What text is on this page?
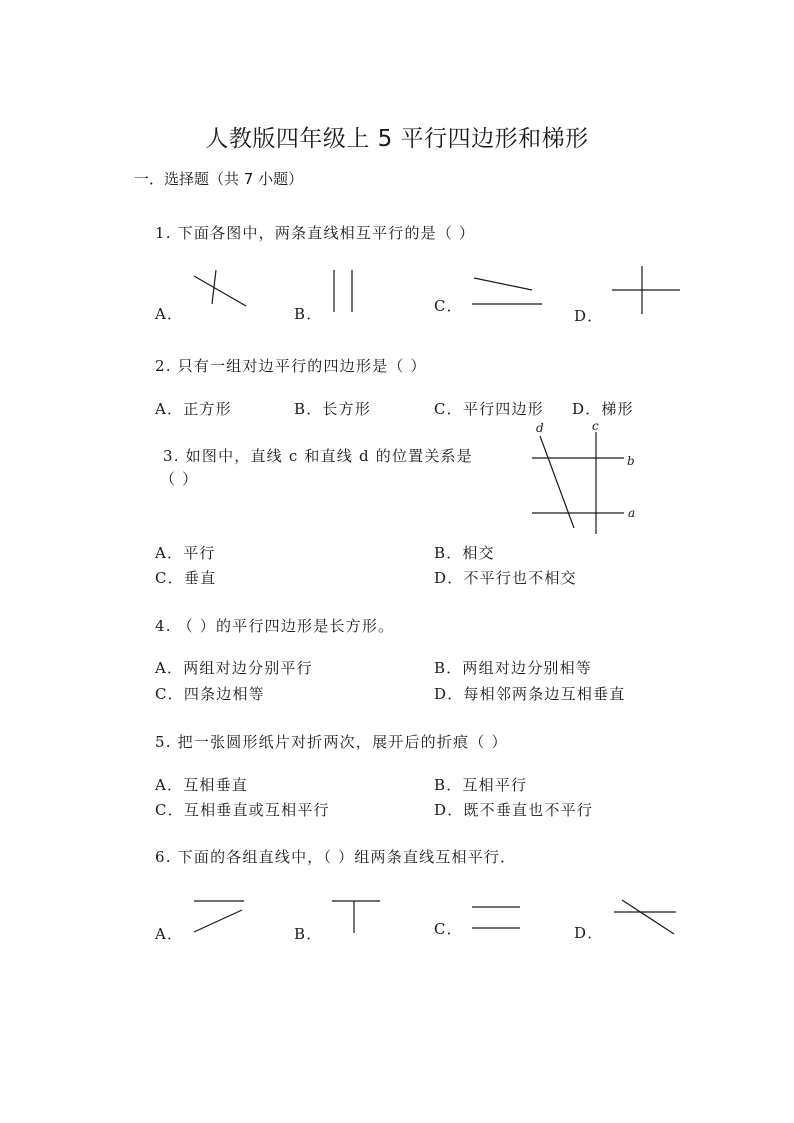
人教版四年级上 5 平行四边形和梯形
一．选择题（共 7 小题）
1. 下面各图中，两条直线相互平行的是（ ）
A．	B．	C．
D．
2. 只有一组对边平行的四边形是（ ）
A．正方形	B．长方形	C．平行四边形 D．梯形
3. 如图中，直线 c 和直线 d 的位置关系是
（ ）
d	c
b
a
A．平行	B．相交
C．垂直	D．不平行也不相交
4. （ ）的平行四边形是长方形。
A．两组对边分别平行	B．两组对边分别相等
C．四条边相等	D．每相邻两条边互相垂直
5. 把一张圆形纸片对折两次，展开后的折痕（ ）
A．互相垂直	B．互相平行
C．互相垂直或互相平行	D．既不垂直也不平行
6. 下面的各组直线中，（ ）组两条直线互相平行．
A．	B．	C．	D．
